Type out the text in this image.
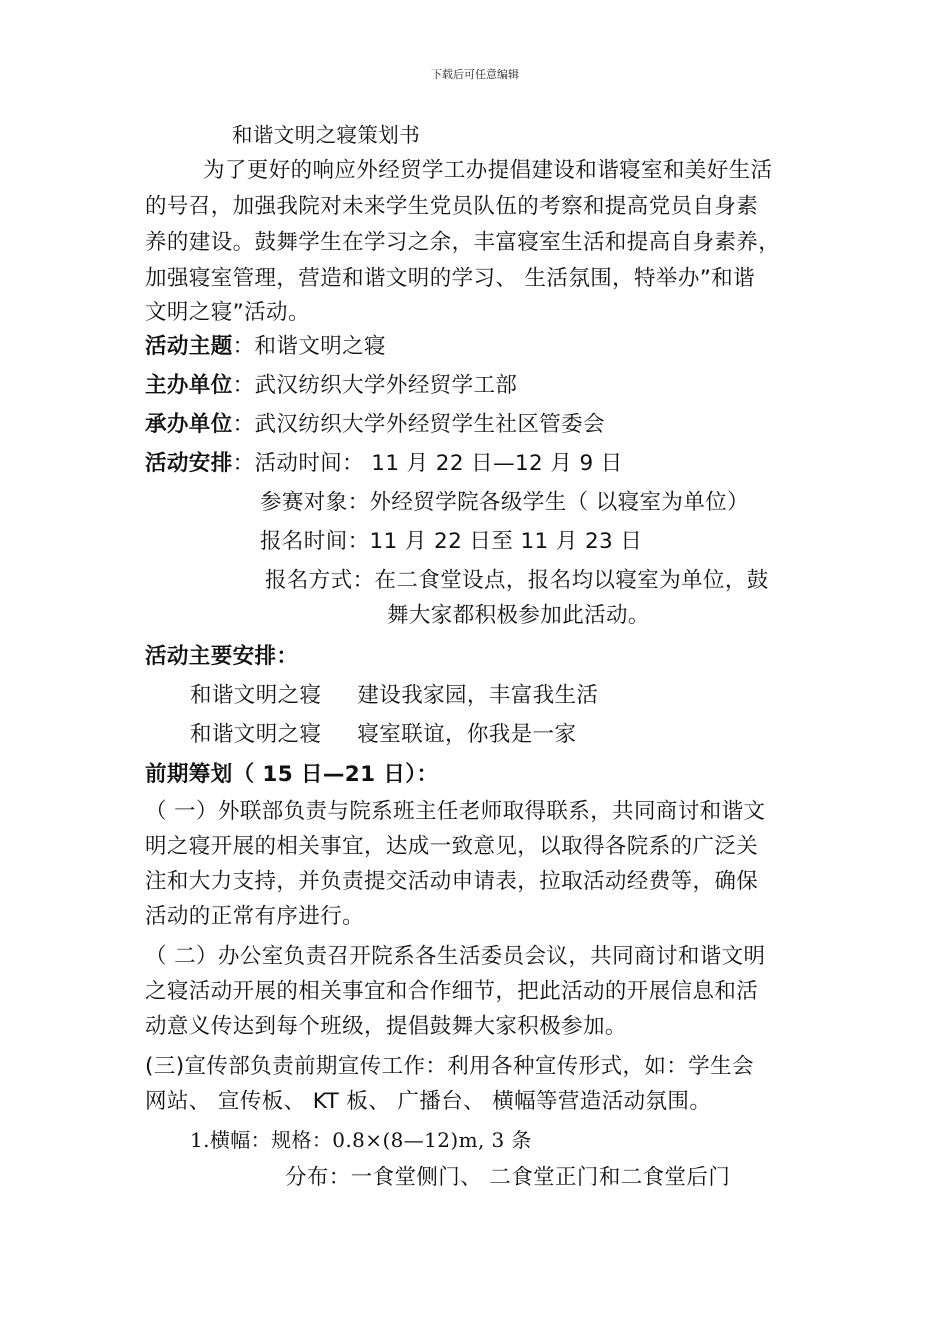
下载后可任意编辑
和谐文明之寝策划书
为了更好的响应外经贸学工办提倡建设和谐寝室和美好生活
的号召，加强我院对未来学生党员队伍的考察和提高党员自身素
养的建设。鼓舞学生在学习之余，丰富寝室生活和提高自身素养，
加强寝室管理，营造和谐文明的学习、 生活氛围，特举办”和谐
文明之寝”活动。
活动主题：和谐文明之寝
主办单位：武汉纺织大学外经贸学工部
承办单位：武汉纺织大学外经贸学生社区管委会
活动安排：活动时间： 11 月 22 日—12 月 9 日
参赛对象：外经贸学院各级学生（ 以寝室为单位）
报名时间：11 月 22 日至 11 月 23 日
报名方式：在二食堂设点，报名均以寝室为单位，鼓
舞大家都积极参加此活动。
活动主要安排：
和谐文明之寝 建设我家园，丰富我生活
和谐文明之寝 寝室联谊，你我是一家
前期筹划（ 15 日—21 日）：
（ 一）外联部负责与院系班主任老师取得联系，共同商讨和谐文
明之寝开展的相关事宜，达成一致意见，以取得各院系的广泛关
注和大力支持，并负责提交活动申请表，拉取活动经费等，确保
活动的正常有序进行。
（ 二）办公室负责召开院系各生活委员会议，共同商讨和谐文明
之寝活动开展的相关事宜和合作细节，把此活动的开展信息和活
动意义传达到每个班级，提倡鼓舞大家积极参加。
(三)宣传部负责前期宣传工作：利用各种宣传形式，如：学生会
网站、 宣传板、 KT 板、 广播台、 横幅等营造活动氛围。
1.横幅：规格：0.8×(8—12)m, 3 条
分布：一食堂侧门、 二食堂正门和二食堂后门
